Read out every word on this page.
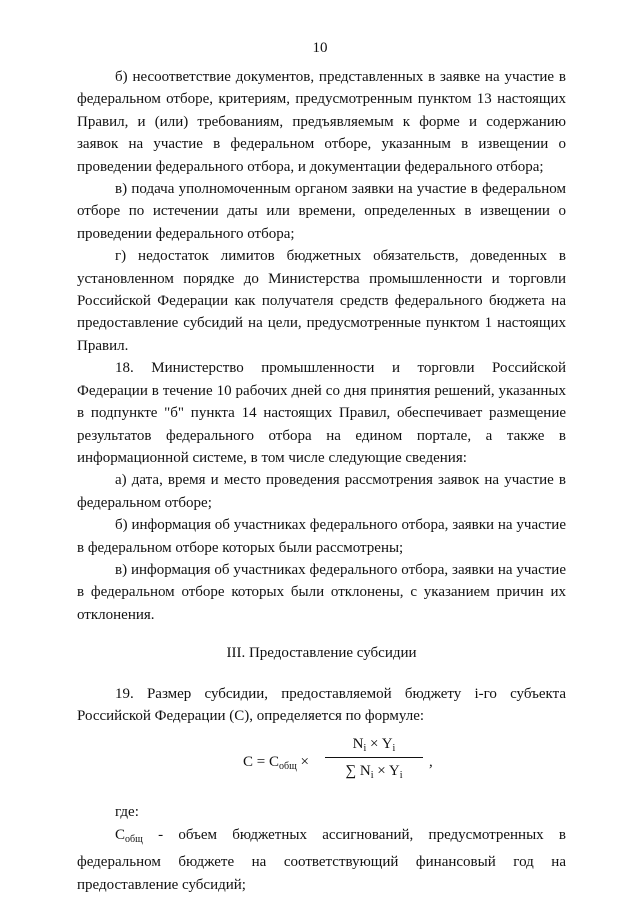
10

б) несоответствие документов, представленных в заявке на участие в федеральном отборе, критериям, предусмотренным пунктом 13 настоящих Правил, и (или) требованиям, предъявляемым к форме и содержанию заявок на участие в федеральном отборе, указанным в извещении о проведении федерального отбора, и документации федерального отбора;

в) подача уполномоченным органом заявки на участие в федеральном отборе по истечении даты или времени, определенных в извещении о проведении федерального отбора;

г) недостаток лимитов бюджетных обязательств, доведенных в установленном порядке до Министерства промышленности и торговли Российской Федерации как получателя средств федерального бюджета на предоставление субсидий на цели, предусмотренные пунктом 1 настоящих Правил.

18. Министерство промышленности и торговли Российской Федерации в течение 10 рабочих дней со дня принятия решений, указанных в подпункте "б" пункта 14 настоящих Правил, обеспечивает размещение результатов федерального отбора на едином портале, а также в информационной системе, в том числе следующие сведения:

а) дата, время и место проведения рассмотрения заявок на участие в федеральном отборе;

б) информация об участниках федерального отбора, заявки на участие в федеральном отборе которых были рассмотрены;

в) информация об участниках федерального отбора, заявки на участие в федеральном отборе которых были отклонены, с указанием причин их отклонения.

III. Предоставление субсидии

19. Размер субсидии, предоставляемой бюджету i-го субъекта Российской Федерации (C), определяется по формуле:

$C = C_{общ}$ ×
$N_i \times Y_i$
∑ $N_i \times Y_i$
,

где:

$C_{общ}$ - объем бюджетных ассигнований, предусмотренных в федеральном бюджете на соответствующий финансовый год на предоставление субсидий;
